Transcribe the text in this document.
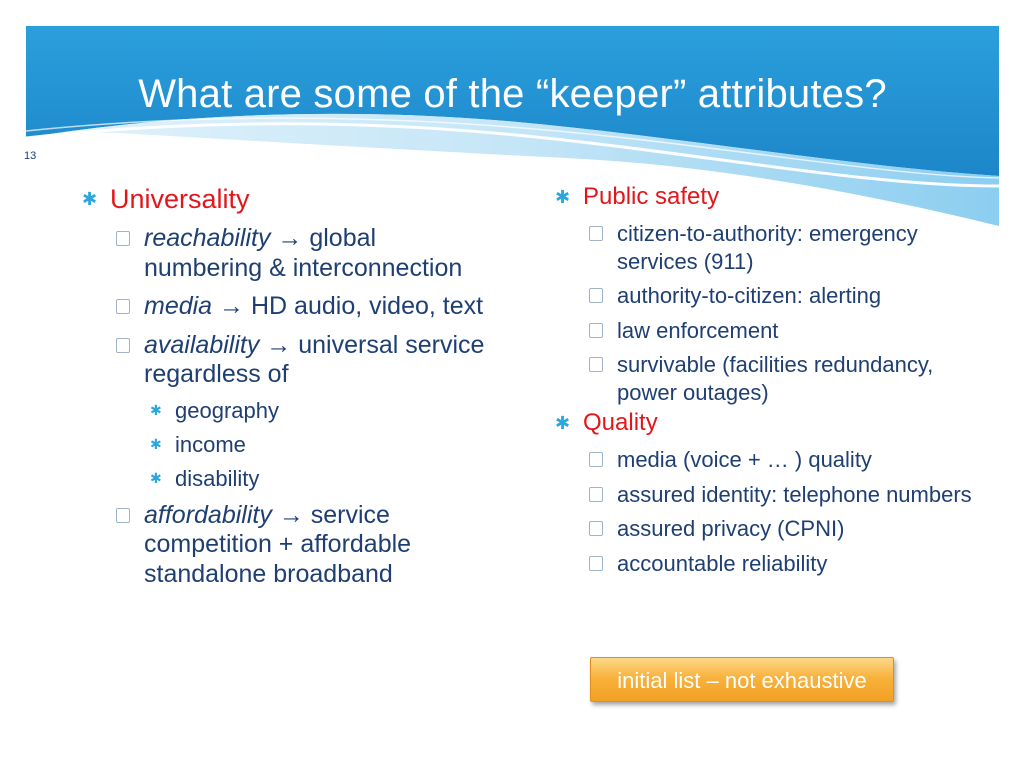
What are some of the “keeper” attributes?
13
✱ Universality
reachability → global numbering & interconnection
media → HD audio, video, text
availability → universal service regardless of
✱ geography
✱ income
✱ disability
affordability → service competition + affordable standalone broadband
✱ Public safety
citizen-to-authority: emergency services (911)
authority-to-citizen: alerting
law enforcement
survivable (facilities redundancy, power outages)
✱ Quality
media (voice + … ) quality
assured identity: telephone numbers
assured privacy (CPNI)
accountable reliability
initial list – not exhaustive
